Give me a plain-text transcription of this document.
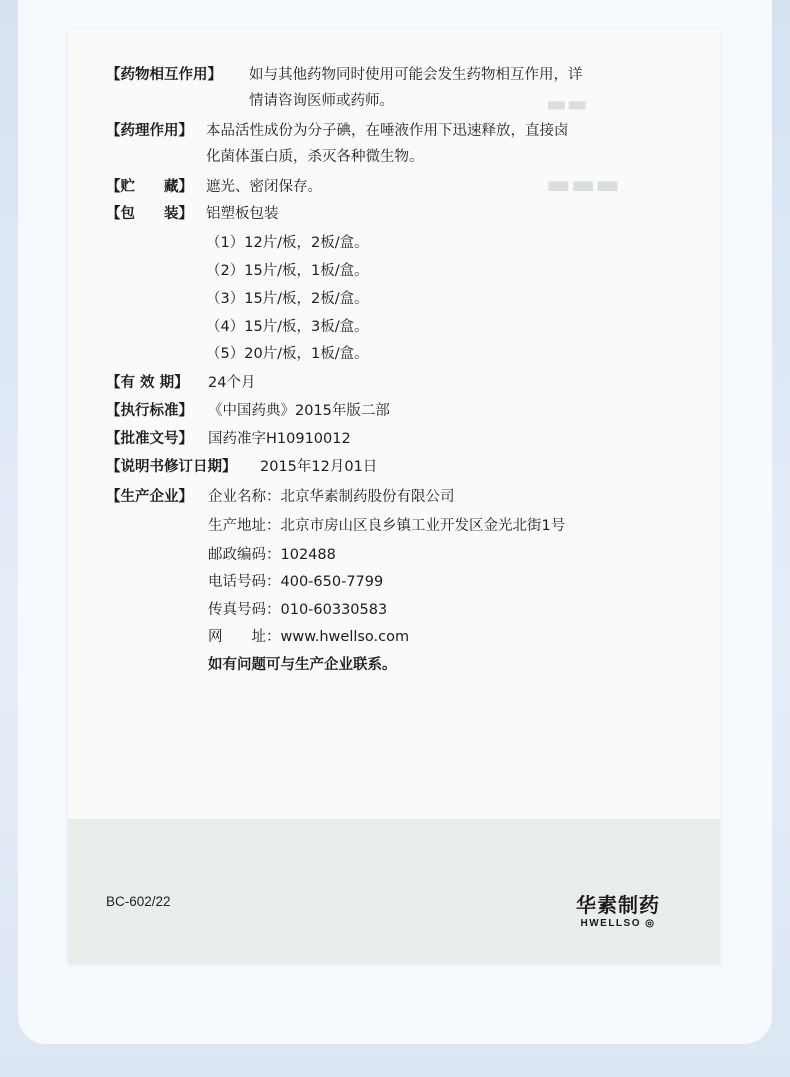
▬▬
▬▬▬
【药物相互作用】 如与其他药物同时使用可能会发生药物相互作用，详
情请咨询医师或药师。
【药理作用】 本品活性成份为分子碘，在唾液作用下迅速释放，直接卤
化菌体蛋白质，杀灭各种微生物。
【贮　　藏】 遮光、密闭保存。
【包　　装】 铝塑板包装
（1）12片/板，2板/盒。
（2）15片/板，1板/盒。
（3）15片/板，2板/盒。
（4）15片/板，3板/盒。
（5）20片/板，1板/盒。
【有 效 期】 24个月
【执行标准】 《中国药典》2015年版二部
【批准文号】 国药准字H10910012
【说明书修订日期】 2015年12月01日
【生产企业】 企业名称：北京华素制药股份有限公司
生产地址：北京市房山区良乡镇工业开发区金光北街1号
邮政编码：102488
电话号码：400-650-7799
传真号码：010-60330583
网　　址：www.hwellso.com
如有问题可与生产企业联系。
BC-602/22	华素制药
HWELLSO ◎
